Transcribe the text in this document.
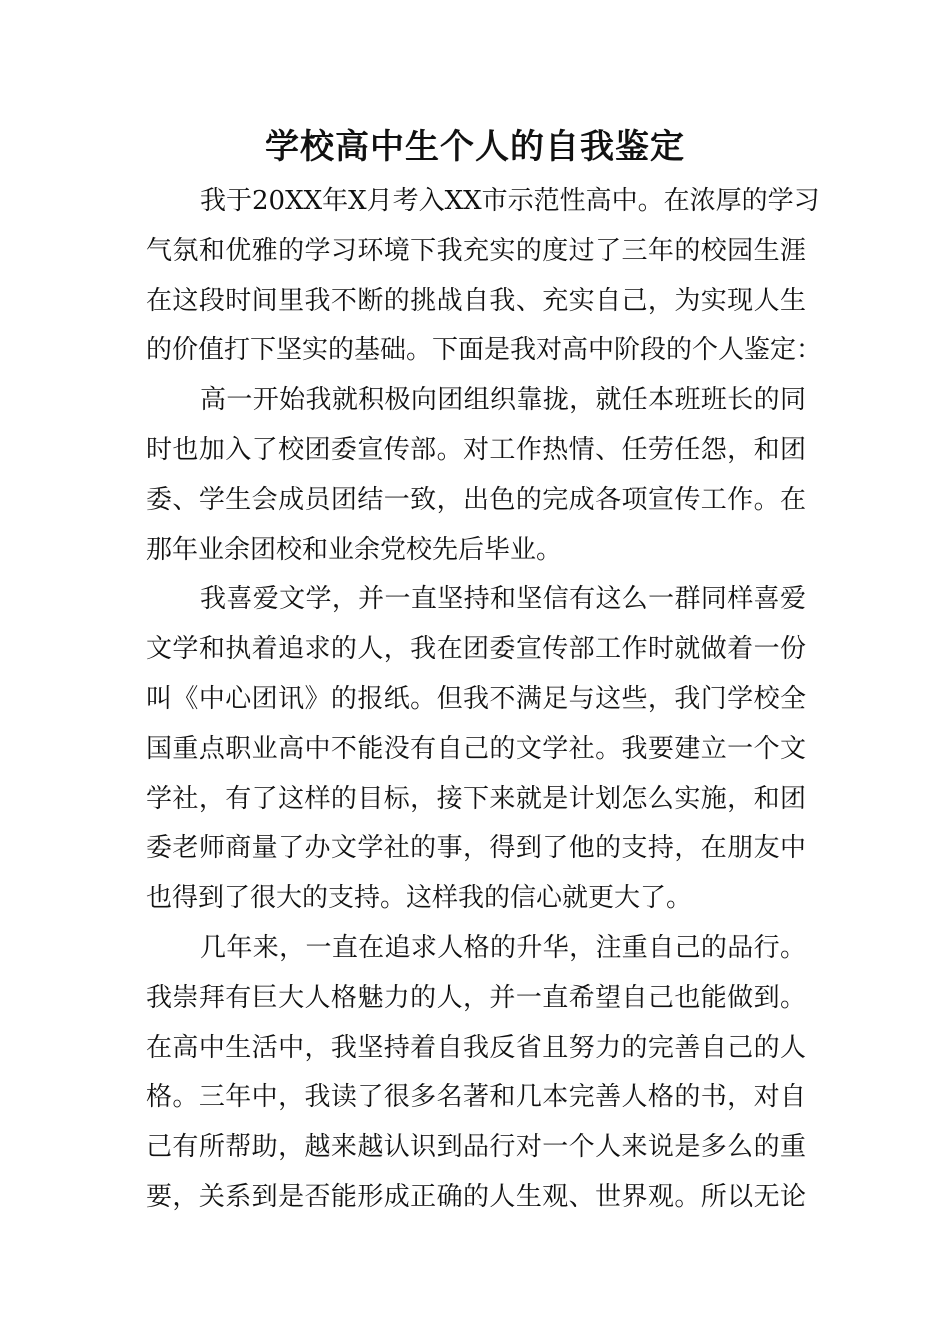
学校高中生个人的自我鉴定
我于20XX年X月考入XX市示范性高中。在浓厚的学习
气氛和优雅的学习环境下我充实的度过了三年的校园生涯
在这段时间里我不断的挑战自我、充实自己，为实现人生
的价值打下坚实的基础。下面是我对高中阶段的个人鉴定：
高一开始我就积极向团组织靠拢，就任本班班长的同
时也加入了校团委宣传部。对工作热情、任劳任怨，和团
委、学生会成员团结一致，出色的完成各项宣传工作。在
那年业余团校和业余党校先后毕业。
我喜爱文学，并一直坚持和坚信有这么一群同样喜爱
文学和执着追求的人，我在团委宣传部工作时就做着一份
叫《中心团讯》的报纸。但我不满足与这些，我门学校全
国重点职业高中不能没有自己的文学社。我要建立一个文
学社，有了这样的目标，接下来就是计划怎么实施，和团
委老师商量了办文学社的事，得到了他的支持，在朋友中
也得到了很大的支持。这样我的信心就更大了。
几年来，一直在追求人格的升华，注重自己的品行。
我崇拜有巨大人格魅力的人，并一直希望自己也能做到。
在高中生活中，我坚持着自我反省且努力的完善自己的人
格。三年中，我读了很多名著和几本完善人格的书，对自
己有所帮助，越来越认识到品行对一个人来说是多么的重
要，关系到是否能形成正确的人生观、世界观。所以无论
